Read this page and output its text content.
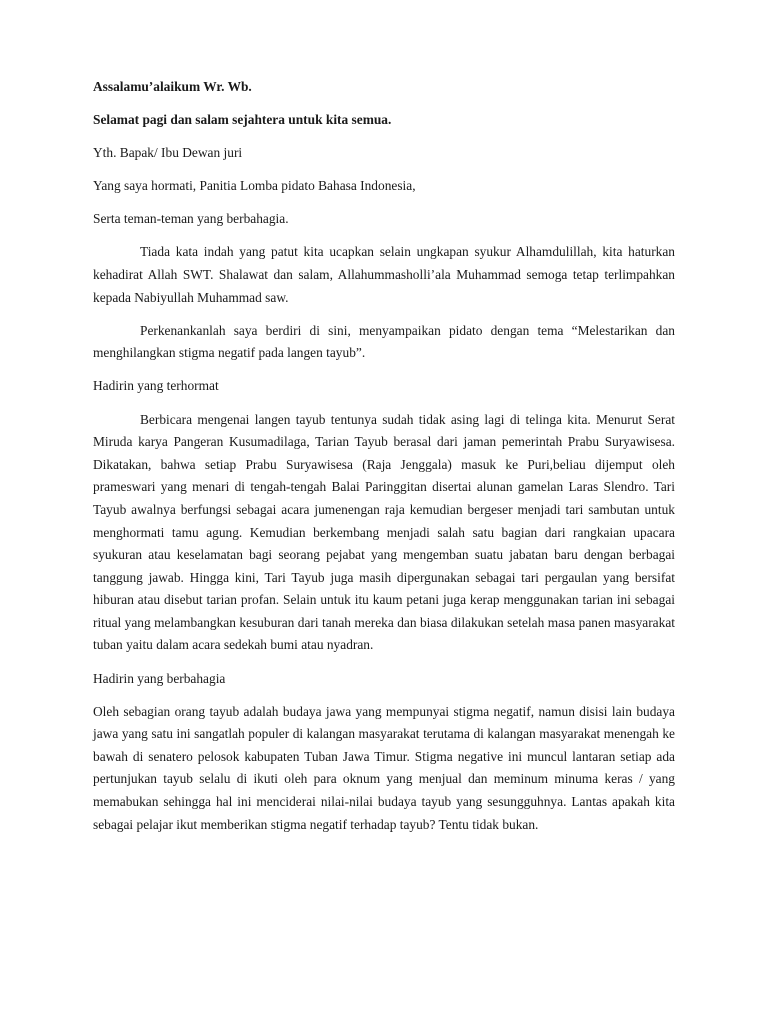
Assalamu’alaikum Wr. Wb.

Selamat pagi dan salam sejahtera untuk kita semua.

Yth. Bapak/ Ibu Dewan juri

Yang saya hormati, Panitia Lomba pidato Bahasa Indonesia,

Serta teman-teman yang berbahagia.

Tiada kata indah yang patut kita ucapkan selain ungkapan syukur Alhamdulillah, kita haturkan kehadirat Allah SWT. Shalawat dan salam, Allahummasholli’ala Muhammad semoga tetap terlimpahkan kepada Nabiyullah Muhammad saw.

Perkenankanlah saya berdiri di sini, menyampaikan pidato dengan tema “Melestarikan dan menghilangkan stigma negatif pada langen tayub”.

Hadirin yang terhormat

Berbicara mengenai langen tayub tentunya sudah tidak asing lagi di telinga kita. Menurut Serat Miruda karya Pangeran Kusumadilaga, Tarian Tayub berasal dari jaman pemerintah Prabu Suryawisesa. Dikatakan, bahwa setiap Prabu Suryawisesa (Raja Jenggala) masuk ke Puri,beliau dijemput oleh prameswari yang menari di tengah-tengah Balai Paringgitan disertai alunan gamelan Laras Slendro. Tari Tayub awalnya berfungsi sebagai acara jumenengan raja kemudian bergeser menjadi tari sambutan untuk menghormati tamu agung. Kemudian berkembang menjadi salah satu bagian dari rangkaian upacara syukuran atau keselamatan bagi seorang pejabat yang mengemban suatu jabatan baru dengan berbagai tanggung jawab. Hingga kini, Tari Tayub juga masih dipergunakan sebagai tari pergaulan yang bersifat hiburan atau disebut tarian profan. Selain untuk itu kaum petani juga kerap menggunakan tarian ini sebagai ritual yang melambangkan kesuburan dari tanah mereka dan biasa dilakukan setelah masa panen masyarakat tuban yaitu dalam acara sedekah bumi atau nyadran.

Hadirin yang berbahagia

Oleh sebagian orang tayub adalah budaya jawa yang mempunyai stigma negatif, namun disisi lain budaya jawa yang satu ini sangatlah populer di kalangan masyarakat terutama di kalangan masyarakat menengah ke bawah di senatero pelosok kabupaten Tuban Jawa Timur. Stigma negative ini muncul lantaran setiap ada pertunjukan tayub selalu di ikuti oleh para oknum yang menjual dan meminum minuma keras / yang memabukan sehingga hal ini menciderai nilai-nilai budaya tayub yang sesungguhnya. Lantas apakah kita sebagai pelajar ikut memberikan stigma negatif terhadap tayub? Tentu tidak bukan.
